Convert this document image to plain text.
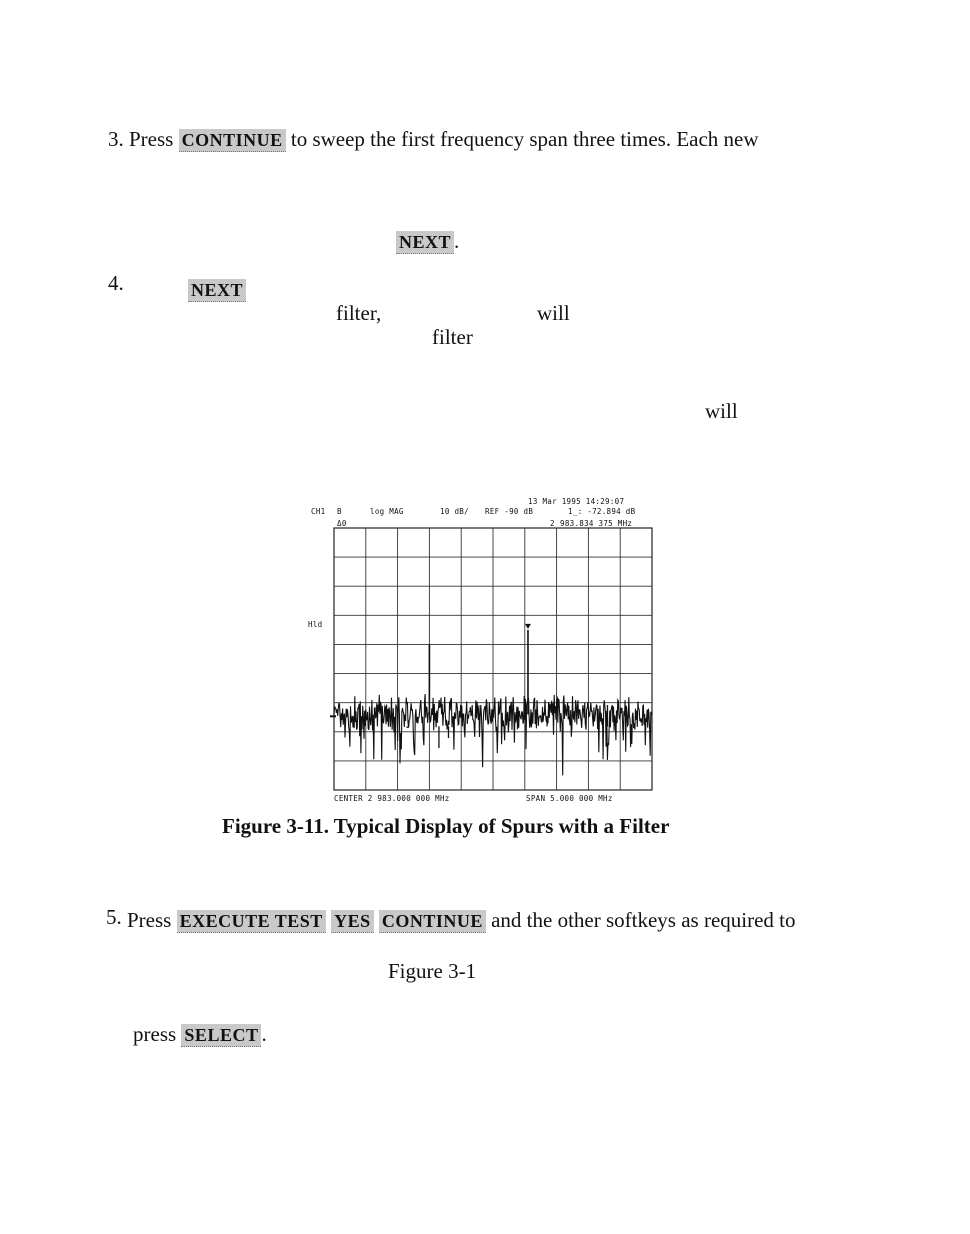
3. Press CONTINUE to sweep the first frequency span three times. Each new
NEXT .
4.	NEXT
filter,	will
filter
will
13 Mar 1995 14:29:07
CH1 B	log MAG	10 dB/ REF -90 dB	1_: -72.894 dB
Δ0	2 983.834 375 MHz
Hld
CENTER 2 983.000 000 MHz	SPAN 5.000 000 MHz
Figure 3-11. Typical Display of Spurs with a Filter
5. Press EXECUTE TEST YES CONTINUE and the other softkeys as required to
Figure 3-1
press SELECT .
